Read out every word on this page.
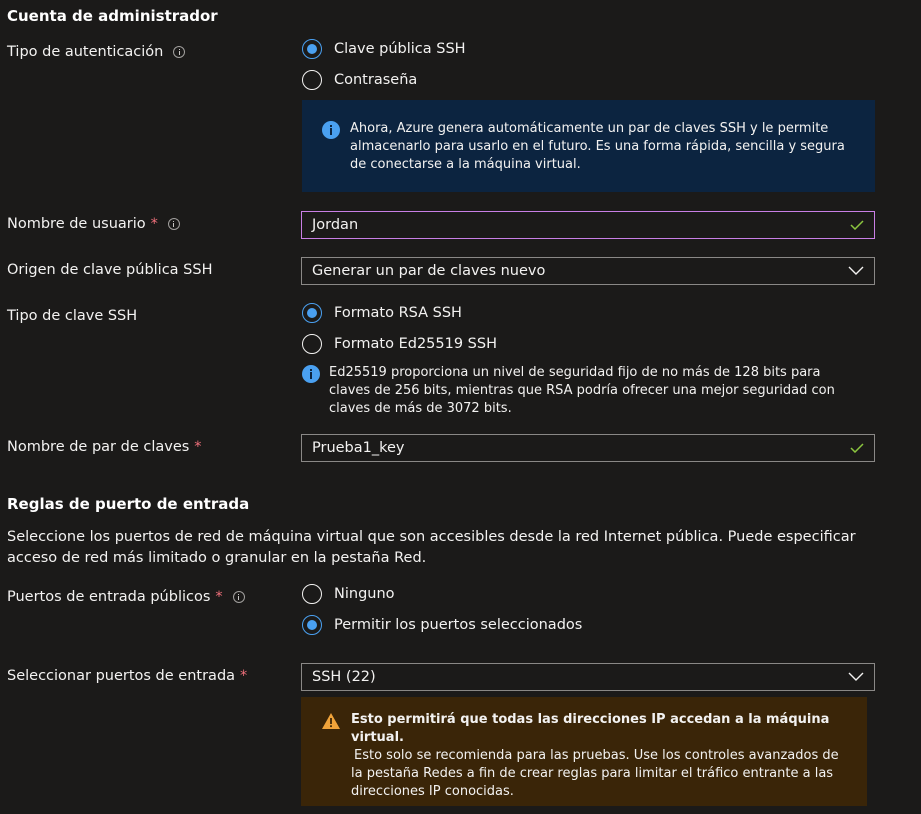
Cuenta de administrador
Tipo de autenticación	Clave pública SSH
Contraseña
Ahora, Azure genera automáticamente un par de claves SSH y le permite almacenarlo para usarlo en el futuro. Es una forma rápida, sencilla y segura de conectarse a la máquina virtual.
Nombre de usuario *	Jordan
Origen de clave pública SSH	Generar un par de claves nuevo
Tipo de clave SSH	Formato RSA SSH
Formato Ed25519 SSH
Ed25519 proporciona un nivel de seguridad fijo de no más de 128 bits para claves de 256 bits, mientras que RSA podría ofrecer una mejor seguridad con claves de más de 3072 bits.
Nombre de par de claves *	Prueba1_key
Reglas de puerto de entrada
Seleccione los puertos de red de máquina virtual que son accesibles desde la red Internet pública. Puede especificar acceso de red más limitado o granular en la pestaña Red.
Puertos de entrada públicos *	Ninguno
Permitir los puertos seleccionados
Seleccionar puertos de entrada *	SSH (22)
Esto permitirá que todas las direcciones IP accedan a la máquina virtual.
Esto solo se recomienda para las pruebas. Use los controles avanzados de la pestaña Redes a fin de crear reglas para limitar el tráfico entrante a las direcciones IP conocidas.
